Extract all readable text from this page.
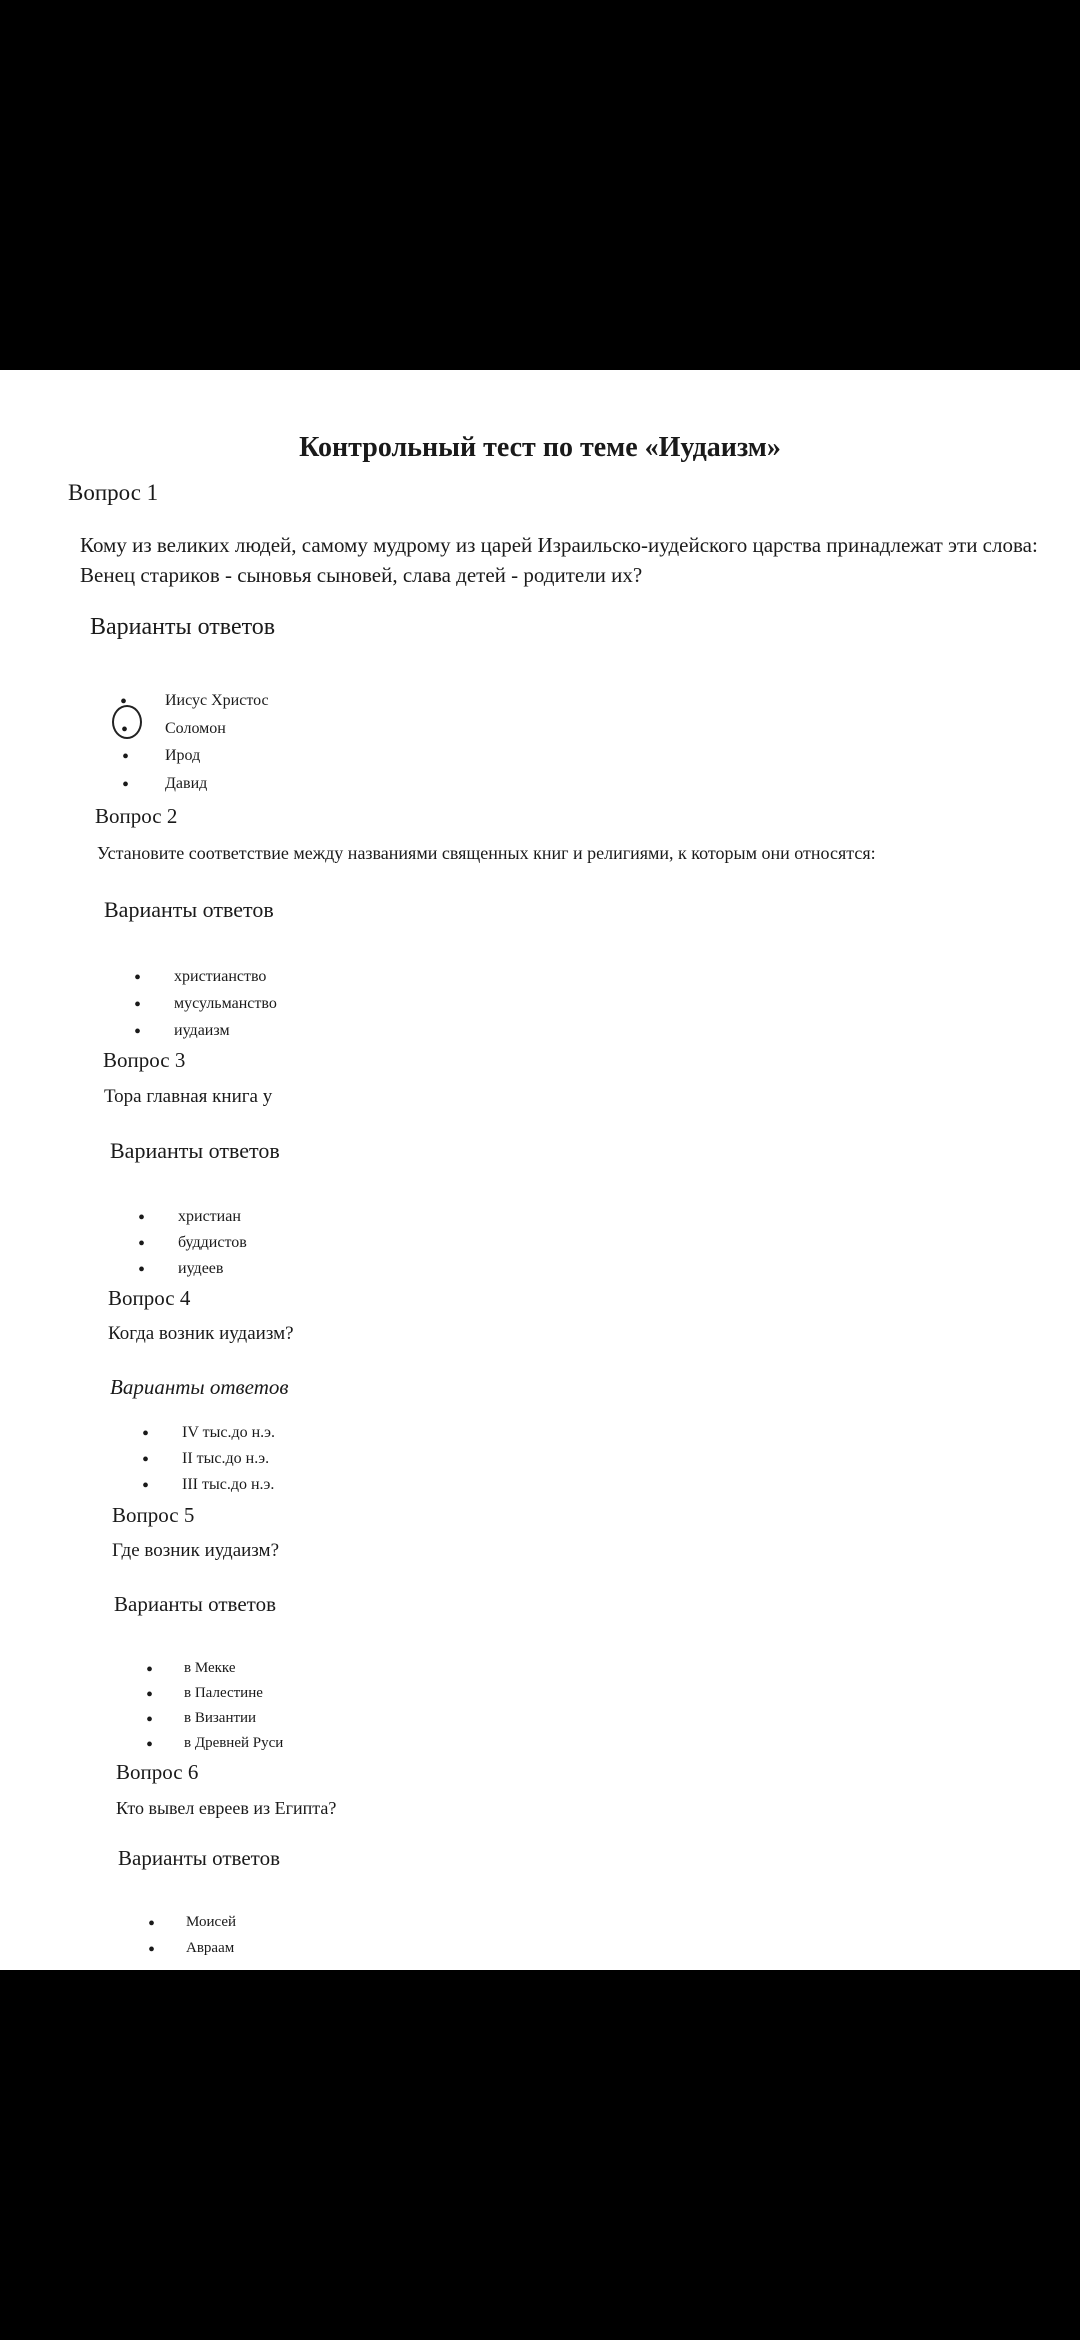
Контрольный тест по теме «Иудаизм»
Вопрос 1
Кому из великих людей, самому мудрому из царей Израильско-иудейского царства принадлежат эти слова: Венец стариков - сыновья сыновей, слава детей - родители их?
Варианты ответов
• Иисус Христос
• Соломон
• Ирод
• Давид
Вопрос 2
Установите соответствие между названиями священных книг и религиями, к которым они относятся:
Варианты ответов
• христианство
• мусульманство
• иудаизм
Вопрос 3
Тора главная книга у
Варианты ответов
• христиан
• буддистов
• иудеев
Вопрос 4
Когда возник иудаизм?
Варианты ответов
• IV тыс.до н.э.
• II тыс.до н.э.
• III тыс.до н.э.
Вопрос 5
Где возник иудаизм?
Варианты ответов
• в Мекке
• в Палестине
• в Византии
• в Древней Руси
Вопрос 6
Кто вывел евреев из Египта?
Варианты ответов
• Моисей
• Авраам
